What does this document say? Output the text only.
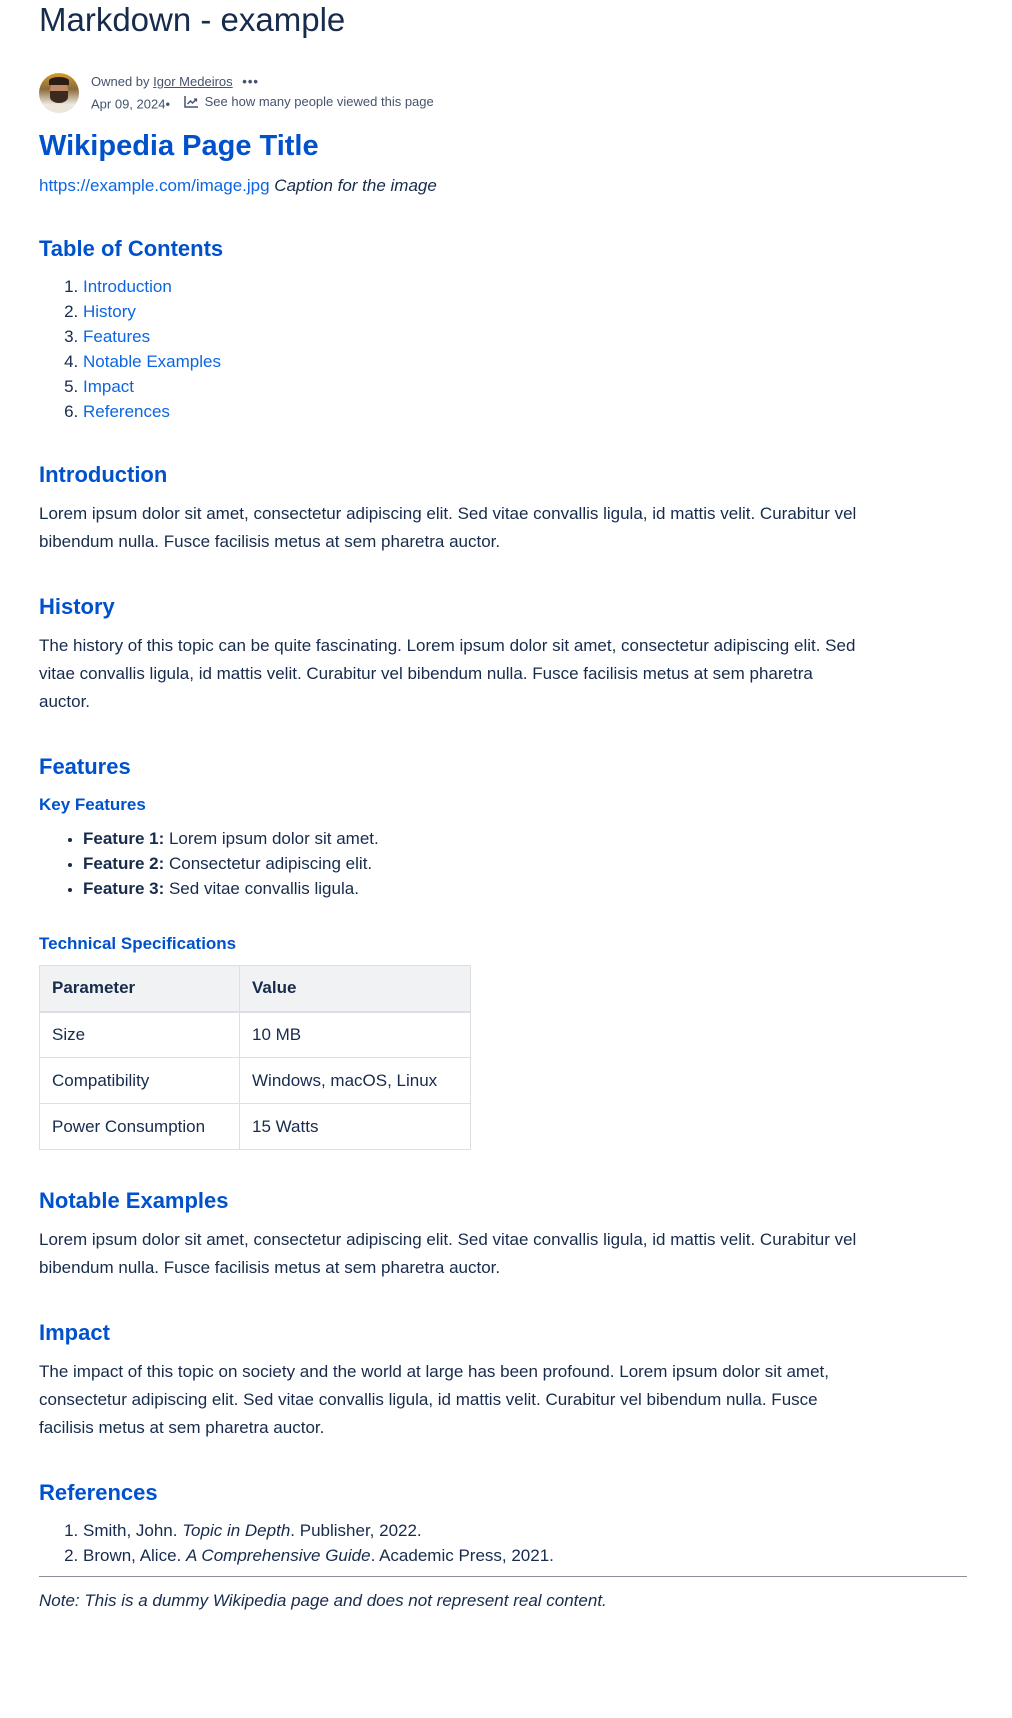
Markdown - example
Owned by Igor Medeiros •••
Apr 09, 2024•	See how many people viewed this page
Wikipedia Page Title

https://example.com/image.jpg Caption for the image

Table of Contents
1. Introduction
2. History
3. Features
4. Notable Examples
5. Impact
6. References
Introduction

Lorem ipsum dolor sit amet, consectetur adipiscing elit. Sed vitae convallis ligula, id mattis velit. Curabitur vel bibendum nulla. Fusce facilisis metus at sem pharetra auctor.

History

The history of this topic can be quite fascinating. Lorem ipsum dolor sit amet, consectetur adipiscing elit. Sed vitae convallis ligula, id mattis velit. Curabitur vel bibendum nulla. Fusce facilisis metus at sem pharetra auctor.

Features
Key Features
• Feature 1: Lorem ipsum dolor sit amet.
• Feature 2: Consectetur adipiscing elit.
• Feature 3: Sed vitae convallis ligula.
Technical Specifications
Parameter	Value
Size	10 MB
Compatibility	Windows, macOS, Linux
Power Consumption	15 Watts
Notable Examples

Lorem ipsum dolor sit amet, consectetur adipiscing elit. Sed vitae convallis ligula, id mattis velit. Curabitur vel bibendum nulla. Fusce facilisis metus at sem pharetra auctor.

Impact

The impact of this topic on society and the world at large has been profound. Lorem ipsum dolor sit amet, consectetur adipiscing elit. Sed vitae convallis ligula, id mattis velit. Curabitur vel bibendum nulla. Fusce facilisis metus at sem pharetra auctor.

References
1. Smith, John. Topic in Depth. Publisher, 2022.
2. Brown, Alice. A Comprehensive Guide. Academic Press, 2021.

Note: This is a dummy Wikipedia page and does not represent real content.
